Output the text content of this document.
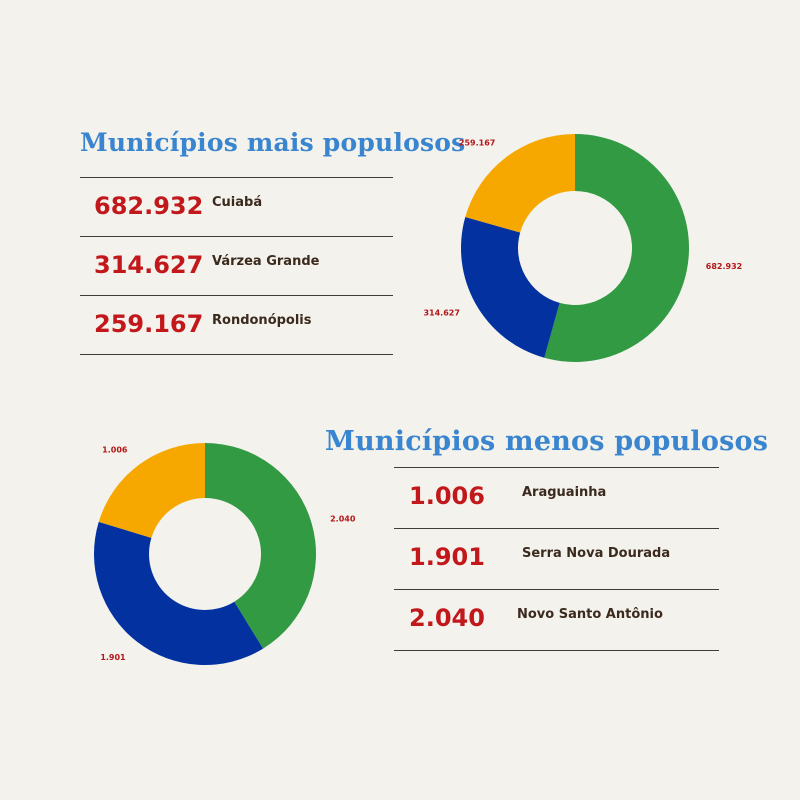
Municípios mais populosos
682.932 Cuiabá
314.627 Várzea Grande
259.167 Rondonópolis
682.932
314.627
259.167
Municípios menos populosos
1.006	Araguainha
1.901	Serra Nova Dourada
2.040 Novo Santo Antônio
2.040
1.901
1.006
